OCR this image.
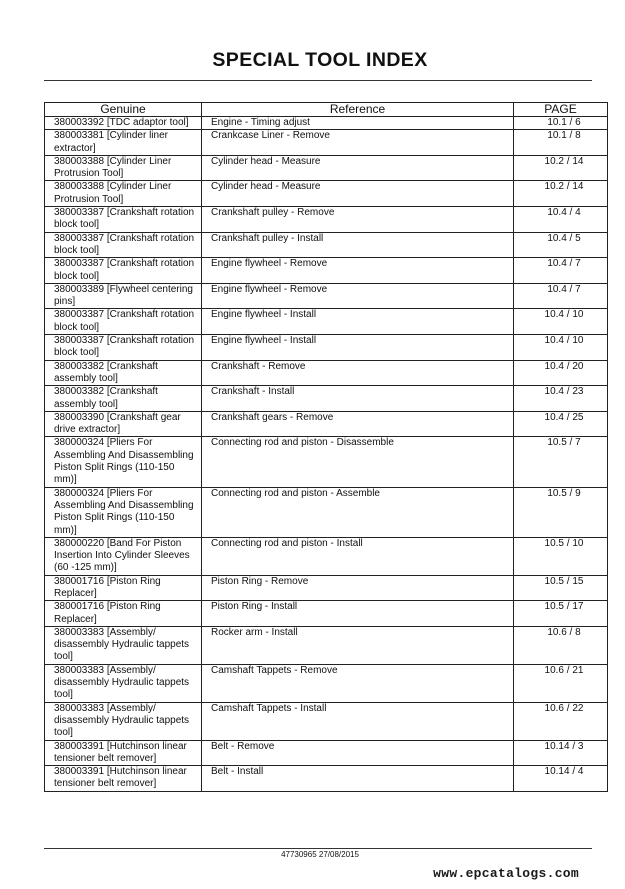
SPECIAL TOOL INDEX
Genuine	Reference	PAGE
380003392 [TDC adaptor tool]	Engine - Timing adjust	10.1 / 6
380003381 [Cylinder liner extractor]	Crankcase Liner - Remove	10.1 / 8
380003388 [Cylinder Liner Protrusion Tool]	Cylinder head - Measure	10.2 / 14
380003388 [Cylinder Liner Protrusion Tool]	Cylinder head - Measure	10.2 / 14
380003387 [Crankshaft rotation block tool]	Crankshaft pulley - Remove	10.4 / 4
380003387 [Crankshaft rotation block tool]	Crankshaft pulley - Install	10.4 / 5
380003387 [Crankshaft rotation block tool]	Engine flywheel - Remove	10.4 / 7
380003389 [Flywheel centering pins]	Engine flywheel - Remove	10.4 / 7
380003387 [Crankshaft rotation block tool]	Engine flywheel - Install	10.4 / 10
380003387 [Crankshaft rotation block tool]	Engine flywheel - Install	10.4 / 10
380003382 [Crankshaft assembly tool]	Crankshaft - Remove	10.4 / 20
380003382 [Crankshaft assembly tool]	Crankshaft - Install	10.4 / 23
380003390 [Crankshaft gear drive extractor]	Crankshaft gears - Remove	10.4 / 25
380000324 [Pliers For Assembling And Disassembling Piston Split Rings (110-150 mm)]	Connecting rod and piston - Disassemble	10.5 / 7
380000324 [Pliers For Assembling And Disassembling Piston Split Rings (110-150 mm)]	Connecting rod and piston - Assemble	10.5 / 9
380000220 [Band For Piston Insertion Into Cylinder Sleeves (60 -125 mm)]	Connecting rod and piston - Install	10.5 / 10
380001716 [Piston Ring Replacer]	Piston Ring - Remove	10.5 / 15
380001716 [Piston Ring Replacer]	Piston Ring - Install	10.5 / 17
380003383 [Assembly/ disassembly Hydraulic tappets tool]	Rocker arm - Install	10.6 / 8
380003383 [Assembly/ disassembly Hydraulic tappets tool]	Camshaft Tappets - Remove	10.6 / 21
380003383 [Assembly/ disassembly Hydraulic tappets tool]	Camshaft Tappets - Install	10.6 / 22
380003391 [Hutchinson linear tensioner belt remover]	Belt - Remove	10.14 / 3
380003391 [Hutchinson linear tensioner belt remover]	Belt - Install	10.14 / 4
47730965 27/08/2015
www.epcatalogs.com
